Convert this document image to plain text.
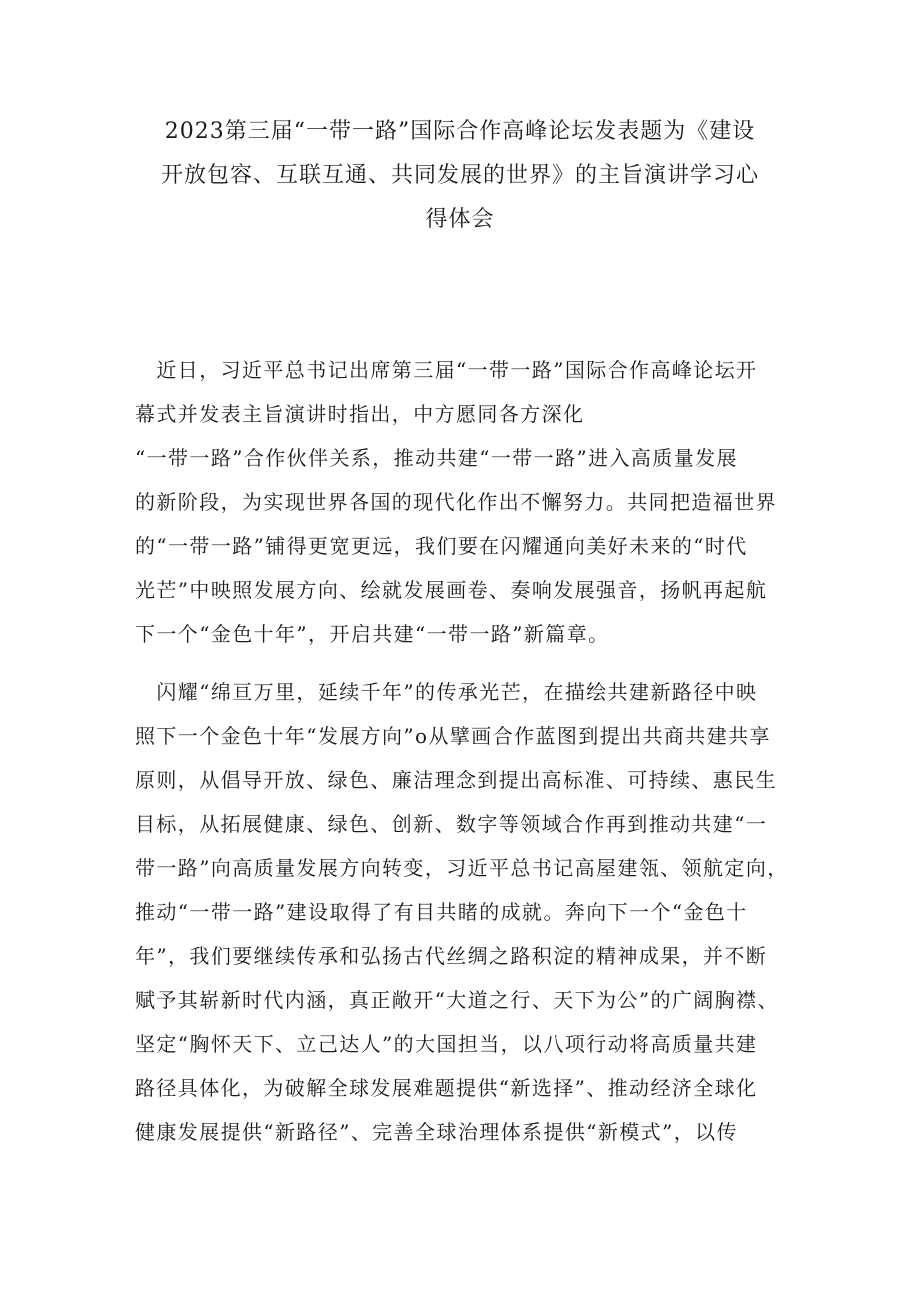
2023第三届“一带一路”国际合作高峰论坛发表题为《建设
开放包容、互联互通、共同发展的世界》的主旨演讲学习心
得体会
　近日，习近平总书记出席第三届“一带一路”国际合作高峰论坛开
幕式并发表主旨演讲时指出，中方愿同各方深化
“一带一路”合作伙伴关系，推动共建“一带一路”进入高质量发展
的新阶段，为实现世界各国的现代化作出不懈努力。共同把造福世界
的“一带一路”铺得更宽更远，我们要在闪耀通向美好未来的“时代
光芒”中映照发展方向、绘就发展画卷、奏响发展强音，扬帆再起航
下一个“金色十年”，开启共建“一带一路”新篇章。
　闪耀“绵亘万里，延续千年”的传承光芒，在描绘共建新路径中映
照下一个金色十年“发展方向”o从擘画合作蓝图到提出共商共建共享
原则，从倡导开放、绿色、廉洁理念到提出高标准、可持续、惠民生
目标，从拓展健康、绿色、创新、数字等领域合作再到推动共建“一
带一路”向高质量发展方向转变，习近平总书记高屋建瓴、领航定向，
推动“一带一路”建设取得了有目共睹的成就。奔向下一个“金色十
年”，我们要继续传承和弘扬古代丝绸之路积淀的精神成果，并不断
赋予其崭新时代内涵，真正敞开“大道之行、天下为公”的广阔胸襟、
坚定“胸怀天下、立己达人”的大国担当，以八项行动将高质量共建
路径具体化，为破解全球发展难题提供“新选择”、推动经济全球化
健康发展提供“新路径”、完善全球治理体系提供“新模式”，以传
